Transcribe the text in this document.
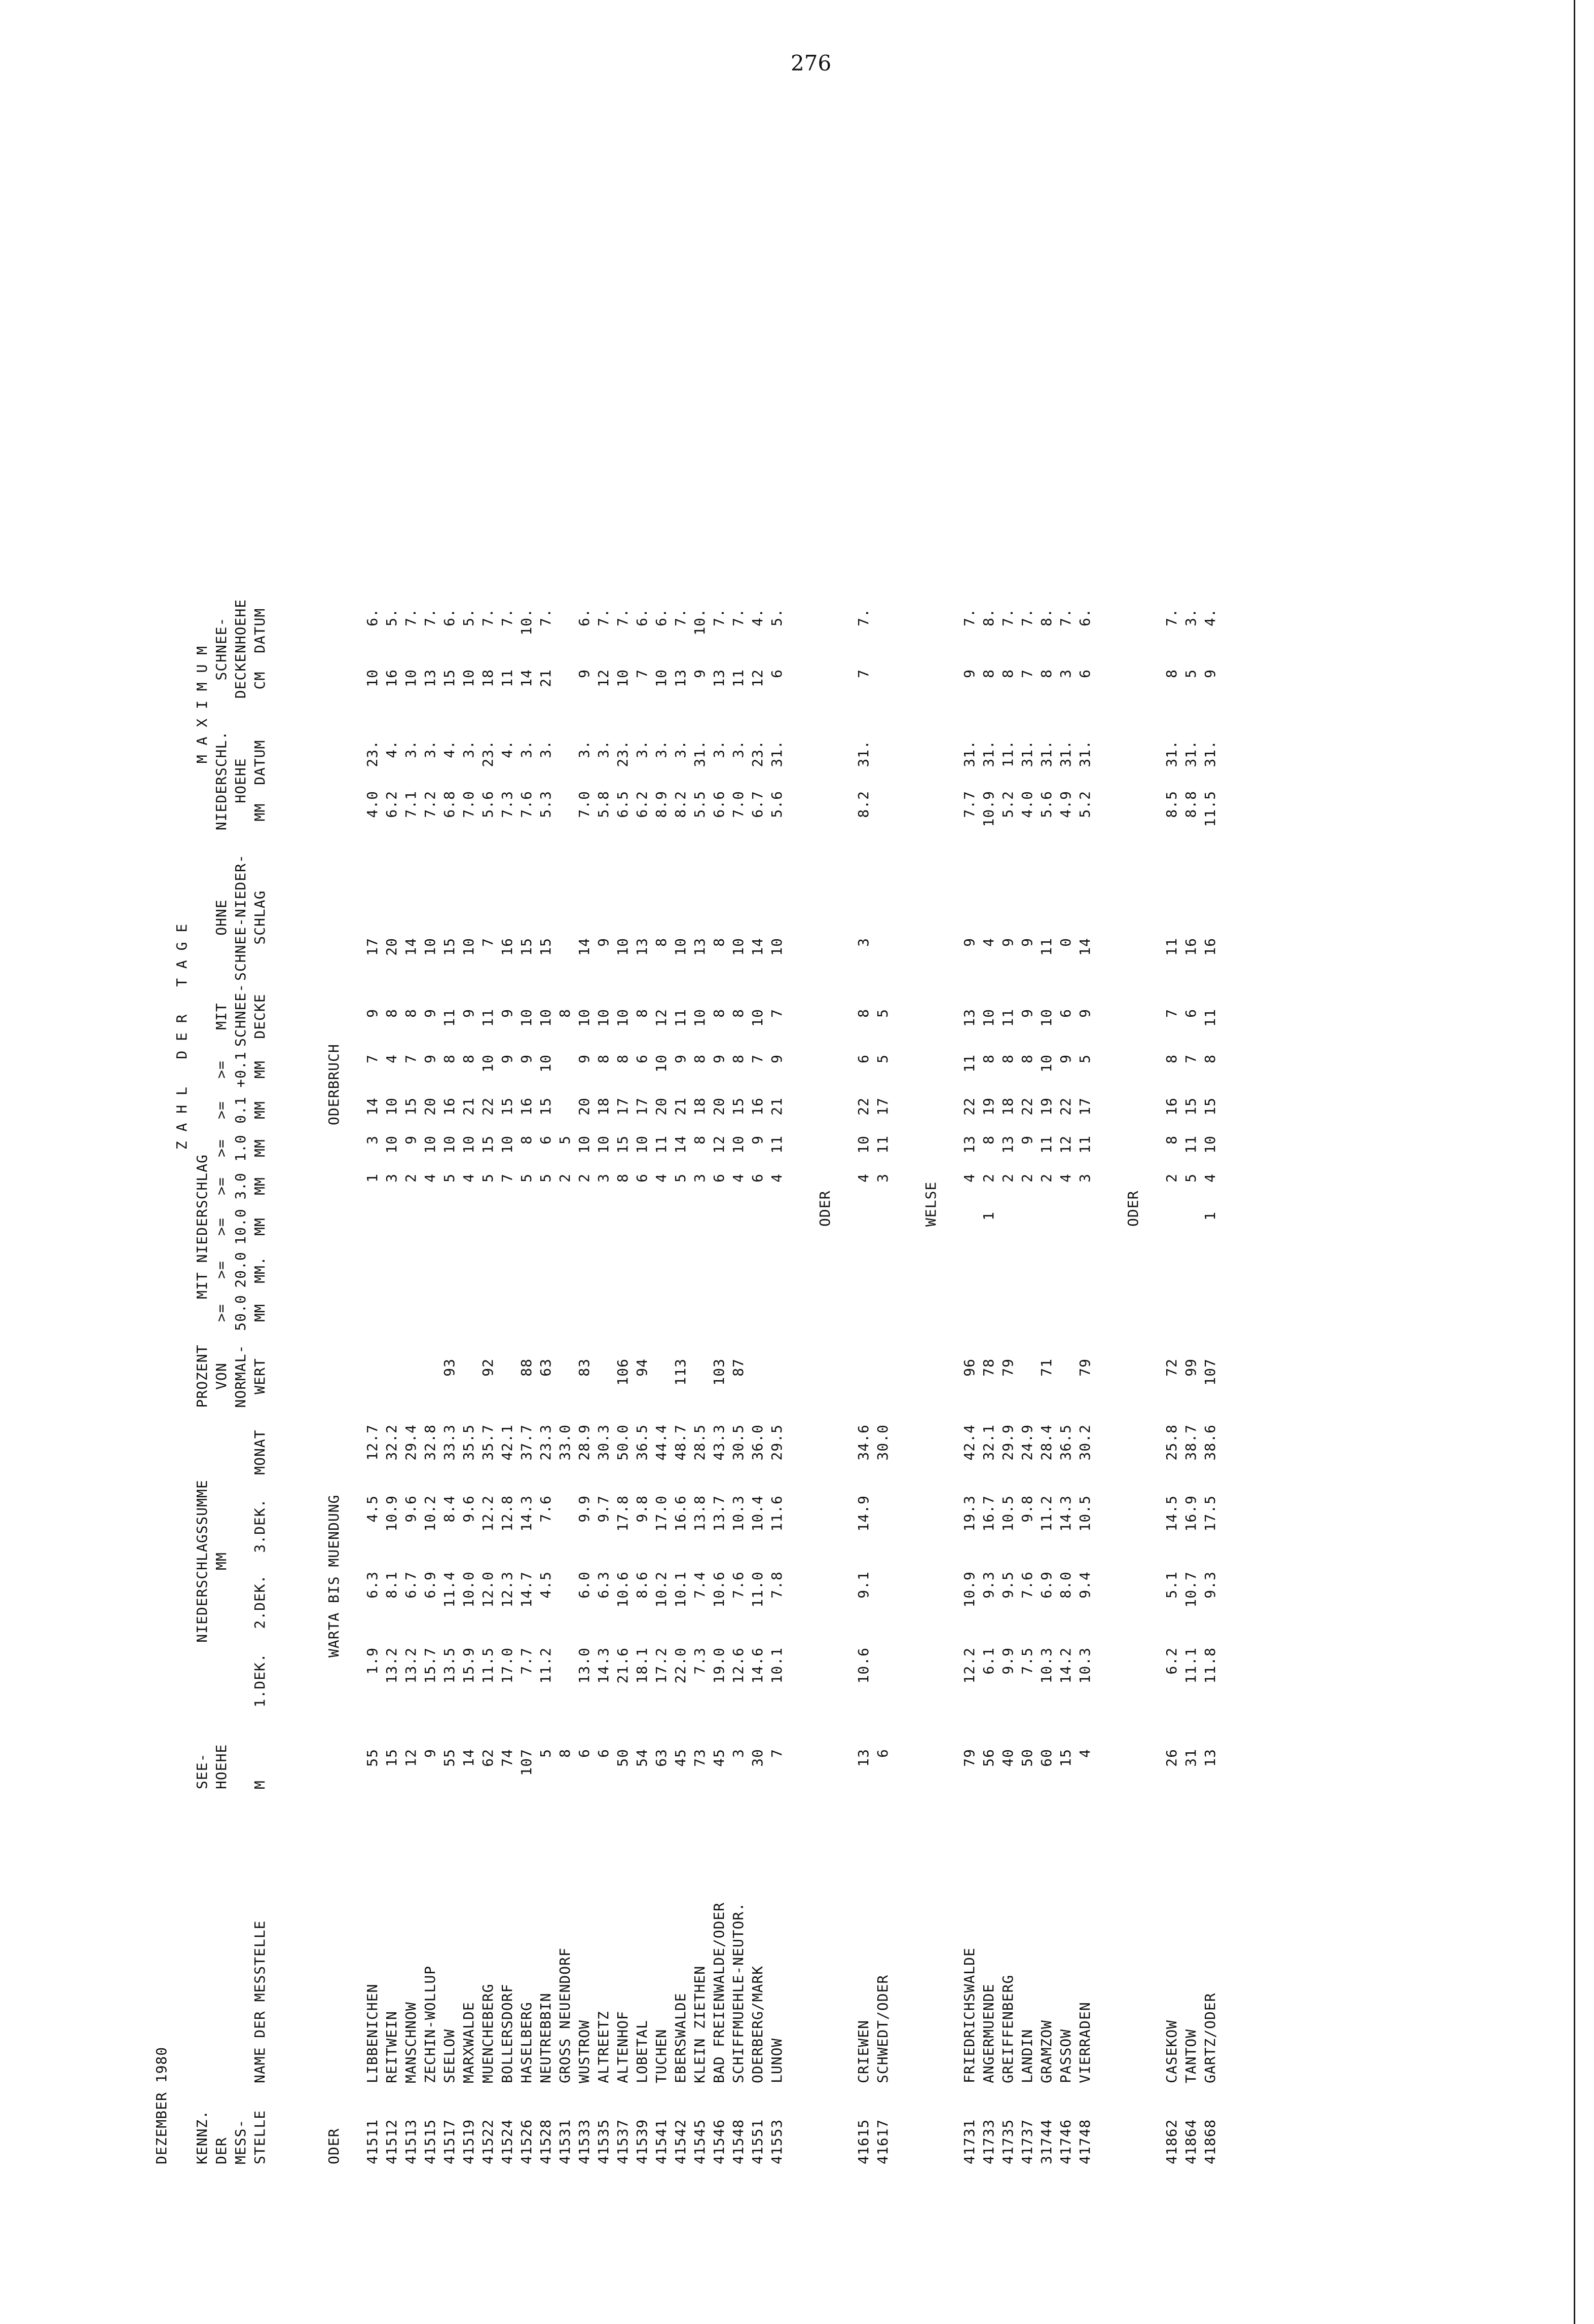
276
DEZEMBER 1980 KENNZ.
DER
MESS-
STELLE
NAME DER MESSTELLE
SEE-
HOEHE

M
NIEDERSCHLAGSSUMME
MM
1.DEK.
2.DEK.
3.DEK.
MONAT
PROZENT
VON
NORMAL-
WERT
Z A H L   D E R   T A G E
MIT NIEDERSCHLAG
>=
50.0
MM
>=
20.0
MM.
>=
10.0
MM
>=
3.0
MM
>=
1.0
MM
>=
0.1
MM
>=
+0.1
MM
MIT
SCHNEE-
DECKE
OHNE
SCHNEE-NIEDER-
SCHLAG
M A X I M U M
NIEDERSCHL.
HOEHE
MM  DATUM
SCHNEE-
DECKENHOEHE
CM  DATUM
ODER
WARTA BIS MUENDUNG
ODERBRUCH
41511
LIBBENICHEN
55
1.9
6.3
4.5
12.7
1
3
14
7
9
17
4.0
23.
10
6.
41512
REITWEIN
15
13.2
8.1
10.9
32.2
3
10
10
4
8
20
6.2
4.
16
5.
41513
MANSCHNOW
12
13.2
6.7
9.6
29.4
2
9
15
7
8
14
7.1
3.
10
7.
41515
ZECHIN-WOLLUP
9
15.7
6.9
10.2
32.8
4
10
20
9
9
10
7.2
3.
13
7.
41517
SEELOW
55
13.5
11.4
8.4
33.3
93
5
10
16
8
11
15
6.8
4.
15
6.
41519
MARXWALDE
14
15.9
10.0
9.6
35.5
4
10
21
8
9
10
7.0
3.
10
5.
41522
MUENCHEBERG
62
11.5
12.0
12.2
35.7
92
5
15
22
10
11
7
5.6
23.
18
7.
41524
BOLLERSDORF
74
17.0
12.3
12.8
42.1
7
10
15
9
9
16
7.3
4.
11
7.
41526
HASELBERG
107
7.7
14.7
14.3
37.7
88
5
8
16
9
10
15
7.6
3.
14
10.
41528
NEUTREBBIN
5
11.2
4.5
7.6
23.3
63
5
6
15
10
10
15
5.3
3.
21
7.
41531
GROSS NEUENDORF
8
33.0
2
5
8
41533
WUSTROW
6
13.0
6.0
9.9
28.9
83
2
10
20
9
10
14
7.0
3.
9
6.
41535
ALTREETZ
6
14.3
6.3
9.7
30.3
3
10
18
8
10
9
5.8
3.
12
7.
41537
ALTENHOF
50
21.6
10.6
17.8
50.0
106
8
15
17
8
10
10
6.5
23.
10
7.
41539
LOBETAL
54
18.1
8.6
9.8
36.5
94
6
10
17
6
8
13
6.2
3.
7
6.
41541
TUCHEN
63
17.2
10.2
17.0
44.4
4
11
20
10
12
8
8.9
3.
10
6.
41542
EBERSWALDE
45
22.0
10.1
16.6
48.7
113
5
14
21
9
11
10
8.2
3.
13
7.
41545
KLEIN ZIETHEN
73
7.3
7.4
13.8
28.5
3
8
18
8
10
13
5.5
31.
9
10.
41546
BAD FREIENWALDE/ODER
45
19.0
10.6
13.7
43.3
103
6
12
20
9
8
8
6.6
3.
13
7.
41548
SCHIFFMUEHLE-NEUTOR.
3
12.6
7.6
10.3
30.5
87
4
10
15
8
8
10
7.0
3.
11
7.
41551
ODERBERG/MARK
30
14.6
11.0
10.4
36.0
6
9
16
7
10
14
6.7
23.
12
4.
41553
LUNOW
7
10.1
7.8
11.6
29.5
4
11
21
9
7
10
5.6
31.
6
5.
ODER
41615
CRIEWEN
13
10.6
9.1
14.9
34.6
4
10
22
6
8
3
8.2
31.
7
7.
41617
SCHWEDT/ODER
6
30.0
3
11
17
5
5
WELSE
41731
FRIEDRICHSWALDE
79
12.2
10.9
19.3
42.4
96
4
13
22
11
13
9
7.7
31.
9
7.
41733
ANGERMUENDE
56
6.1
9.3
16.7
32.1
78
1
2
8
19
8
10
4
10.9
31.
8
8.
41735
GREIFFENBERG
40
9.9
9.5
10.5
29.9
79
2
13
18
8
11
9
5.2
11.
8
7.
41737
LANDIN
50
7.5
7.6
9.8
24.9
2
9
22
8
9
9
4.0
31.
7
7.
31744
GRAMZOW
60
10.3
6.9
11.2
28.4
71
2
11
19
10
10
11
5.6
31.
8
8.
41746
PASSOW
15
14.2
8.0
14.3
36.5
4
12
22
9
6
0
4.9
31.
3
7.
41748
VIERRADEN
4
10.3
9.4
10.5
30.2
79
3
11
17
5
9
14
5.2
31.
6
6.
ODER
41862
CASEKOW
26
6.2
5.1
14.5
25.8
72
2
8
16
8
7
11
8.5
31.
8
7.
41864
TANTOW
31
11.1
10.7
16.9
38.7
99
5
11
15
7
6
16
8.8
31.
5
3.
41868
GARTZ/ODER
13
11.8
9.3
17.5
38.6
107
1
4
10
15
8
11
16
11.5
31.
9
4.
